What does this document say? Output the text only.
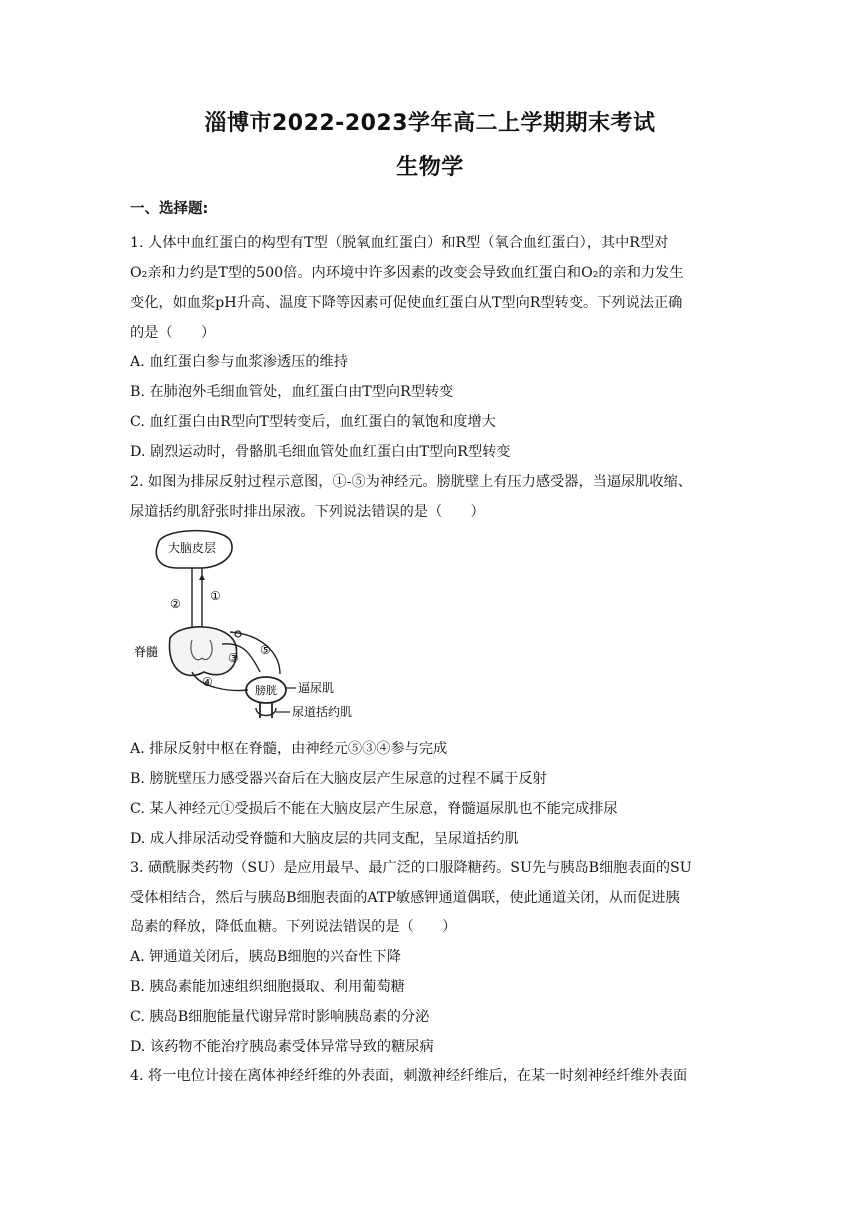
淄博市2022-2023学年高二上学期期末考试
生物学
一、选择题:
1. 人体中血红蛋白的构型有T型（脱氧血红蛋白）和R型（氧合血红蛋白），其中R型对
O₂亲和力约是T型的500倍。内环境中许多因素的改变会导致血红蛋白和O₂的亲和力发生
变化，如血浆pH升高、温度下降等因素可促使血红蛋白从T型向R型转变。下列说法正确
的是（　　）
A. 血红蛋白参与血浆渗透压的维持
B. 在肺泡外毛细血管处，血红蛋白由T型向R型转变
C. 血红蛋白由R型向T型转变后，血红蛋白的氧饱和度增大
D. 剧烈运动时，骨骼肌毛细血管处血红蛋白由T型向R型转变
2. 如图为排尿反射过程示意图，①-⑤为神经元。膀胱壁上有压力感受器，当逼尿肌收缩、
尿道括约肌舒张时排出尿液。下列说法错误的是（　　）
大脑皮层
②
①
脊髓	③
⑤
④
膀胱 逼尿肌
尿道括约肌
A. 排尿反射中枢在脊髓，由神经元⑤③④参与完成
B. 膀胱壁压力感受器兴奋后在大脑皮层产生尿意的过程不属于反射
C. 某人神经元①受损后不能在大脑皮层产生尿意，脊髓逼尿肌也不能完成排尿
D. 成人排尿活动受脊髓和大脑皮层的共同支配，呈尿道括约肌
3. 磺酰脲类药物（SU）是应用最早、最广泛的口服降糖药。SU先与胰岛B细胞表面的SU
受体相结合，然后与胰岛B细胞表面的ATP敏感钾通道偶联，使此通道关闭，从而促进胰
岛素的释放，降低血糖。下列说法错误的是（　　）
A. 钾通道关闭后，胰岛B细胞的兴奋性下降
B. 胰岛素能加速组织细胞摄取、利用葡萄糖
C. 胰岛B细胞能量代谢异常时影响胰岛素的分泌
D. 该药物不能治疗胰岛素受体异常导致的糖尿病
4. 将一电位计接在离体神经纤维的外表面，刺激神经纤维后，在某一时刻神经纤维外表面
